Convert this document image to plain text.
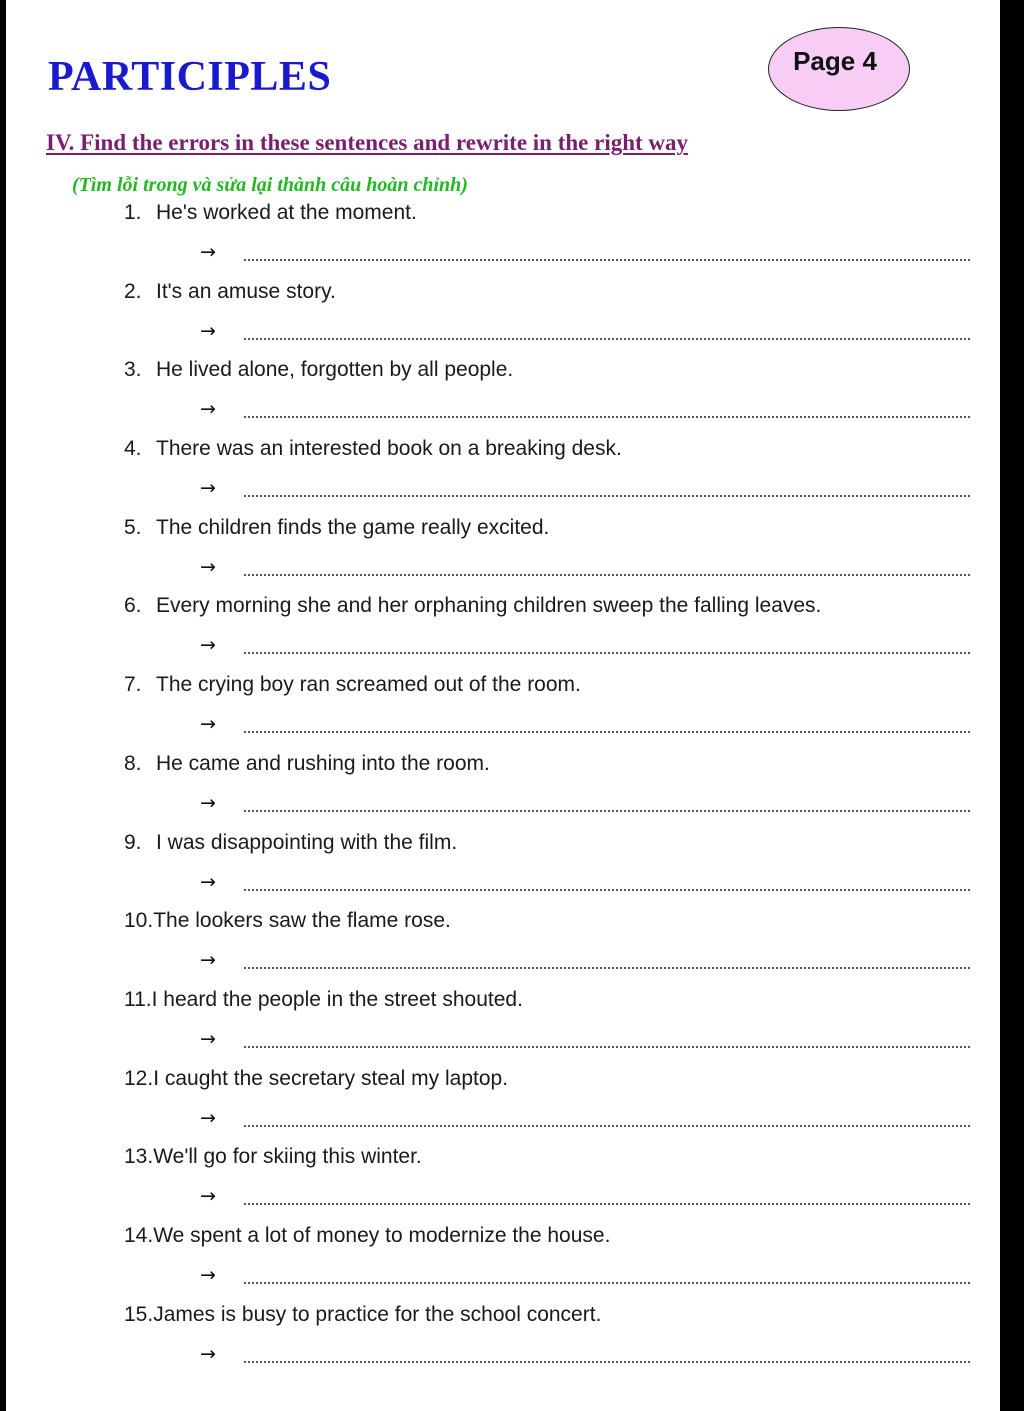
PARTICIPLES	Page 4
IV. Find the errors in these sentences and rewrite in the right way

(Tìm lỗi trong và sửa lại thành câu hoàn chỉnh)

1. He's worked at the moment.
→
2. It's an amuse story.
→
3. He lived alone, forgotten by all people.
→
4. There was an interested book on a breaking desk.
→
5. The children finds the game really excited.
→
6. Every morning she and her orphaning children sweep the falling leaves.
→
7. The crying boy ran screamed out of the room.
→
8. He came and rushing into the room.
→
9. I was disappointing with the film.
→
10.The lookers saw the flame rose.
→
11.I heard the people in the street shouted.
→
12.I caught the secretary steal my laptop.
→
13.We'll go for skiing this winter.
→
14.We spent a lot of money to modernize the house.
→
15.James is busy to practice for the school concert.
→
